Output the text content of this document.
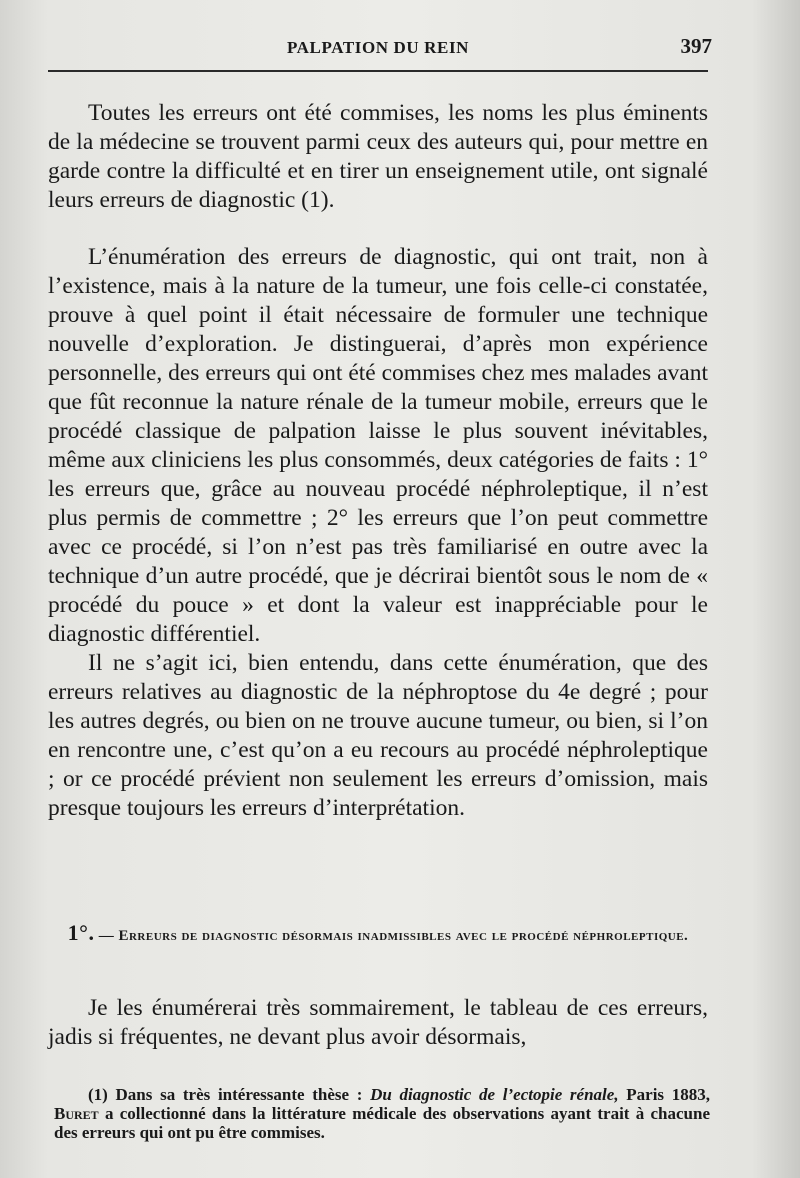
PALPATION DU REIN	397

Toutes les erreurs ont été commises, les noms les plus éminents de la médecine se trouvent parmi ceux des auteurs qui, pour mettre en garde contre la difficulté et en tirer un enseignement utile, ont signalé leurs erreurs de diagnostic (1).

L’énumération des erreurs de diagnostic, qui ont trait, non à l’existence, mais à la nature de la tumeur, une fois celle-ci constatée, prouve à quel point il était nécessaire de formuler une technique nouvelle d’exploration. Je distinguerai, d’après mon expérience personnelle, des erreurs qui ont été commises chez mes malades avant que fût reconnue la nature rénale de la tumeur mobile, erreurs que le procédé classique de palpation laisse le plus souvent inévitables, même aux cliniciens les plus consommés, deux catégories de faits : 1° les erreurs que, grâce au nouveau procédé néphroleptique, il n’est plus permis de commettre ; 2° les erreurs que l’on peut commettre avec ce procédé, si l’on n’est pas très familiarisé en outre avec la technique d’un autre procédé, que je décrirai bientôt sous le nom de « procédé du pouce » et dont la valeur est inappréciable pour le diagnostic différentiel.

Il ne s’agit ici, bien entendu, dans cette énumération, que des erreurs relatives au diagnostic de la néphroptose du 4e degré ; pour les autres degrés, ou bien on ne trouve aucune tumeur, ou bien, si l’on en rencontre une, c’est qu’on a eu recours au procédé néphroleptique ; or ce procédé prévient non seulement les erreurs d’omission, mais presque toujours les erreurs d’interprétation.

1°. — Erreurs de diagnostic désormais inadmissibles avec le procédé néphroleptique.

Je les énumérerai très sommairement, le tableau de ces erreurs, jadis si fréquentes, ne devant plus avoir désormais,

(1) Dans sa très intéressante thèse : Du diagnostic de l’ectopie rénale, Paris 1883, Buret a collectionné dans la littérature médicale des observations ayant trait à chacune des erreurs qui ont pu être commises.
